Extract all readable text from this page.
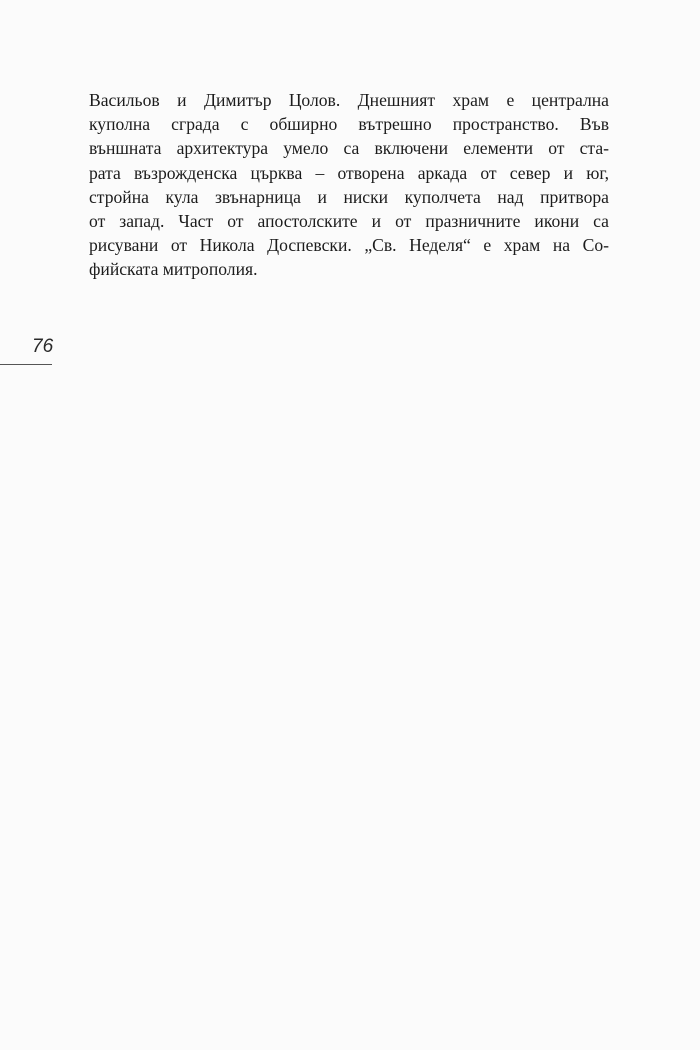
Васильов и Димитър Цолов. Днешният храм е централна
куполна сграда с обширно вътрешно пространство. Във
външната архитектура умело са включени елементи от ста-
рата възрожденска църква – отворена аркада от север и юг,
стройна кула звънарница и ниски куполчета над притвора
от запад. Част от апостолските и от празничните икони са
рисувани от Никола Доспевски. „Св. Неделя“ е храм на Со-
фийската митрополия.

76
